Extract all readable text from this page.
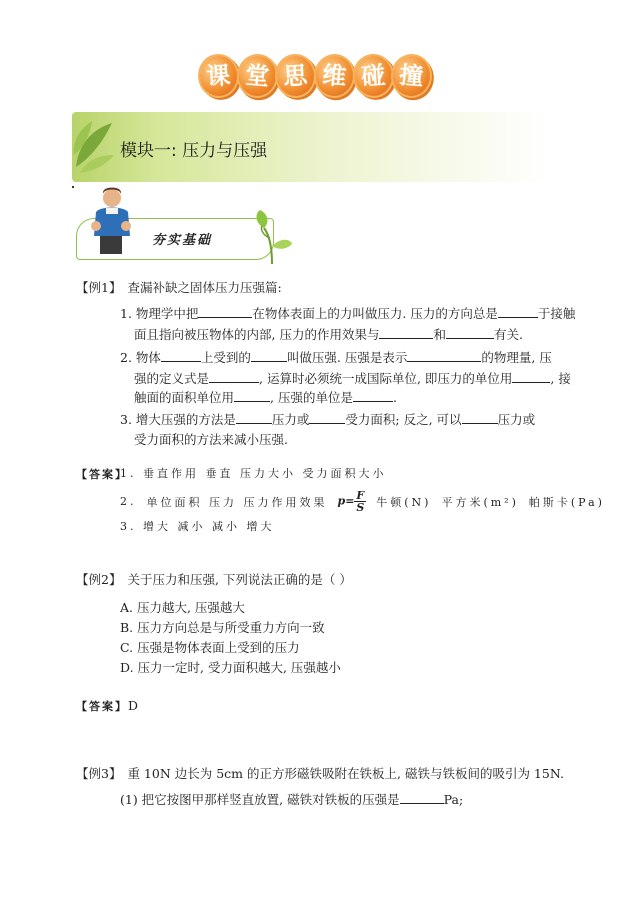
课 堂 思 维 碰 撞
模块一: 压力与压强
夯实基础
【例1】 查漏补缺之固体压力压强篇:
1. 物理学中把	在物体表面上的力叫做压力. 压力的方向总是	于接触
面且指向被压物体的内部, 压力的作用效果与	和	有关.
2. 物体	上受到的	叫做压强. 压强是表示	的物理量, 压
强的定义式是	, 运算时必须统一成国际单位, 即压力的单位用	, 接
触面的面积单位用	, 压强的单位是	.
3. 增大压强的方法是	压力或	受力面积; 反之, 可以	压力或
受力面积的方法来减小压强.
【答案】
1. 垂直作用 垂直 压力大小 受力面积大小
2. 单位面积 压力 压力作用效果 $p= \frac{F}{S}$ 牛顿(N) 平方米(m²) 帕斯卡(Pa)
3. 增大 减小 减小 增大
【例2】 关于压力和压强, 下列说法正确的是（ ）
A. 压力越大, 压强越大
B. 压力方向总是与所受重力方向一致
C. 压强是物体表面上受到的压力
D. 压力一定时, 受力面积越大, 压强越小
【答案】D
【例3】 重 10N 边长为 5cm 的正方形磁铁吸附在铁板上, 磁铁与铁板间的吸引为 15N.
(1) 把它按图甲那样竖直放置, 磁铁对铁板的压强是	Pa;
